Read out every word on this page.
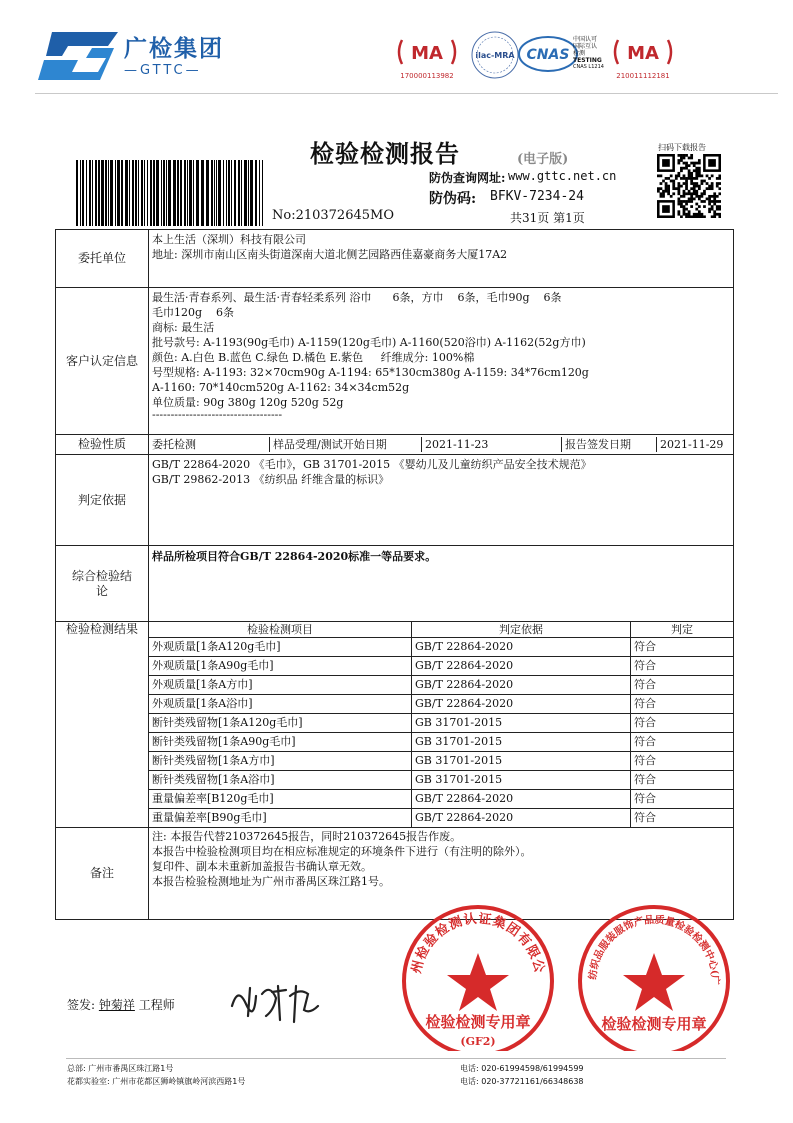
广检集团
—GTTC—
MA
170000113982
ilac-MRA CNAS
中国认可
国际互认
检测
TESTING
CNAS L1214
MA
210011112181
No:210372645MO
检验检测报告	(电子版)
防伪查询网址: www.gttc.net.cn
防伪码: BFKV-7234-24
共31页 第1页
扫码下载报告
委托单位	
本上生活（深圳）科技有限公司
地址: 深圳市南山区南头街道深南大道北侧艺园路西佳嘉豪商务大厦17A2

客户认定信息	
最生活·青春系列、最生活·青春轻柔系列 浴巾      6条，方巾    6条，毛巾90g    6条
毛巾120g    6条
商标: 最生活
批号款号: A-1193(90g毛巾) A-1159(120g毛巾) A-1160(520浴巾) A-1162(52g方巾)
颜色: A.白色 B.蓝色 C.绿色 D.橘色 E.紫色     纤维成分: 100%棉
号型规格: A-1193: 32×70cm90g A-1194: 65*130cm380g A-1159: 34*76cm120g
A-1160: 70*140cm520g A-1162: 34×34cm52g
单位质量: 90g 380g 120g 520g 52g
-----------------------------------

检验性质	委托检测	样品受理/测试开始日期	2021-11-23	报告签发日期	2021-11-29

判定依据	
GB/T 22864-2020 《毛巾》，GB 31701-2015 《婴幼儿及儿童纺织产品安全技术规范》
GB/T 29862-2013 《纺织品 纤维含量的标识》

综合检验结论	样品所检项目符合GB/T 22864-2020标准一等品要求。
检验检测结果		检验检测项目	判定依据	判定
外观质量[1条A120g毛巾]	GB/T 22864-2020	符合
外观质量[1条A90g毛巾]	GB/T 22864-2020	符合
外观质量[1条A方巾]	GB/T 22864-2020	符合
外观质量[1条A浴巾]	GB/T 22864-2020	符合
断针类残留物[1条A120g毛巾]	GB 31701-2015	符合
断针类残留物[1条A90g毛巾]	GB 31701-2015	符合
断针类残留物[1条A方巾]	GB 31701-2015	符合
断针类残留物[1条A浴巾]	GB 31701-2015	符合
重量偏差率[B120g毛巾]	GB/T 22864-2020	符合
重量偏差率[B90g毛巾]	GB/T 22864-2020	符合

备注	
注: 本报告代替210372645报告，同时210372645报告作废。
本报告中检验检测项目均在相应标准规定的环境条件下进行（有注明的除外）。
复印件、副本未重新加盖报告书确认章无效。
本报告检验检测地址为广州市番禺区珠江路1号。
签发: 钟菊祥 工程师
州检验检测认证集团有限公
检验检测专用章
(GF2)
纺织品服装服饰产品质量检验检测中心(广
检验检测专用章
总部: 广州市番禺区珠江路1号
花都实验室: 广州市花都区狮岭镇旗岭河滨西路1号
电话: 020-61994598/61994599
电话: 020-37721161/66348638
